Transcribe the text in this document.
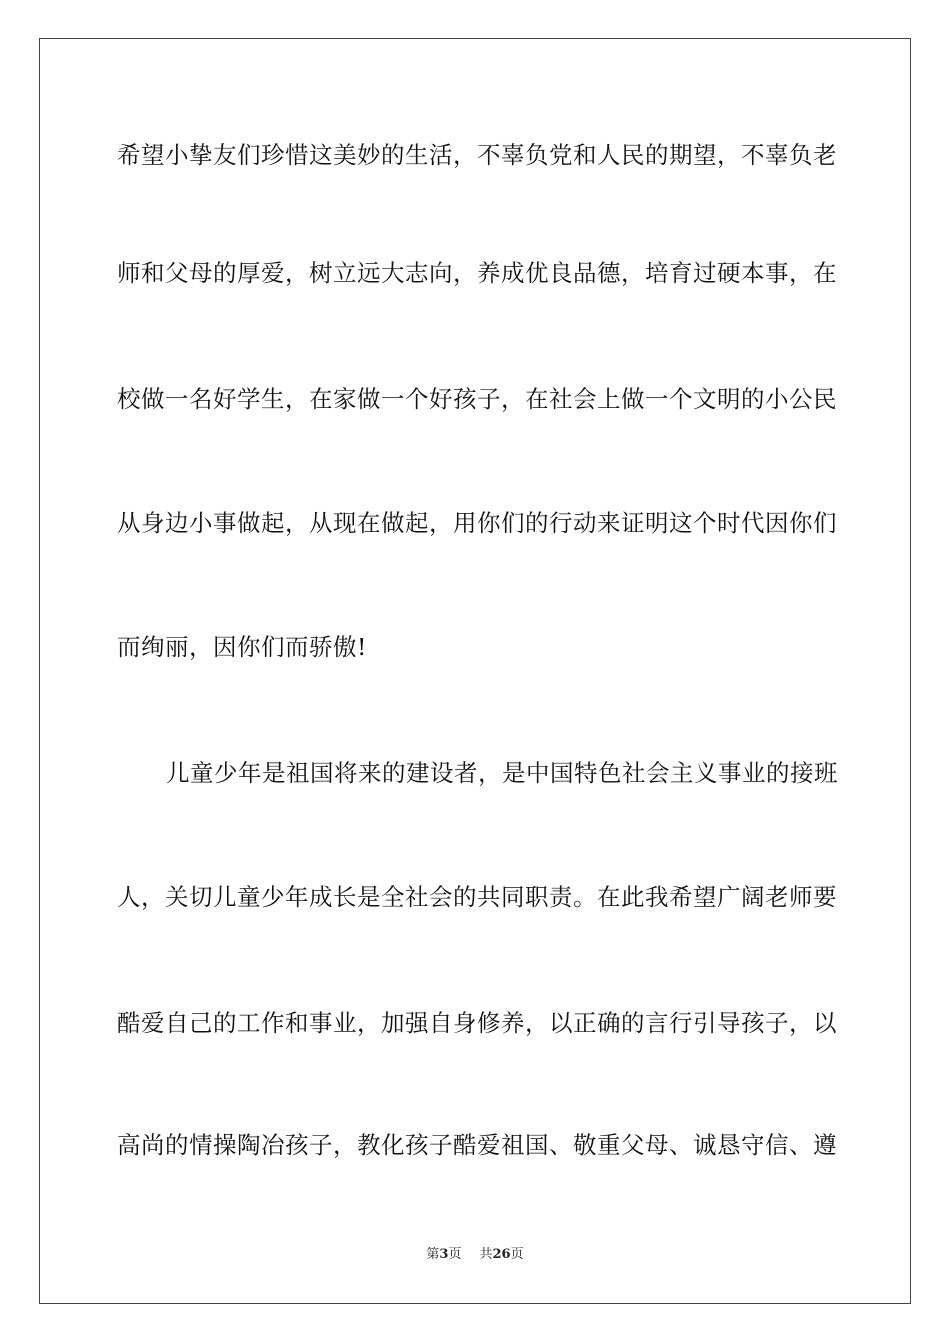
希望小挚友们珍惜这美妙的生活，不辜负党和人民的期望，不辜负老
师和父母的厚爱，树立远大志向，养成优良品德，培育过硬本事，在
校做一名好学生，在家做一个好孩子，在社会上做一个文明的小公民
从身边小事做起，从现在做起，用你们的行动来证明这个时代因你们
而绚丽，因你们而骄傲!
儿童少年是祖国将来的建设者，是中国特色社会主义事业的接班
人，关切儿童少年成长是全社会的共同职责。在此我希望广阔老师要
酷爱自己的工作和事业，加强自身修养，以正确的言行引导孩子，以
高尚的情操陶冶孩子，教化孩子酷爱祖国、敬重父母、诚恳守信、遵
第3页 共26页
